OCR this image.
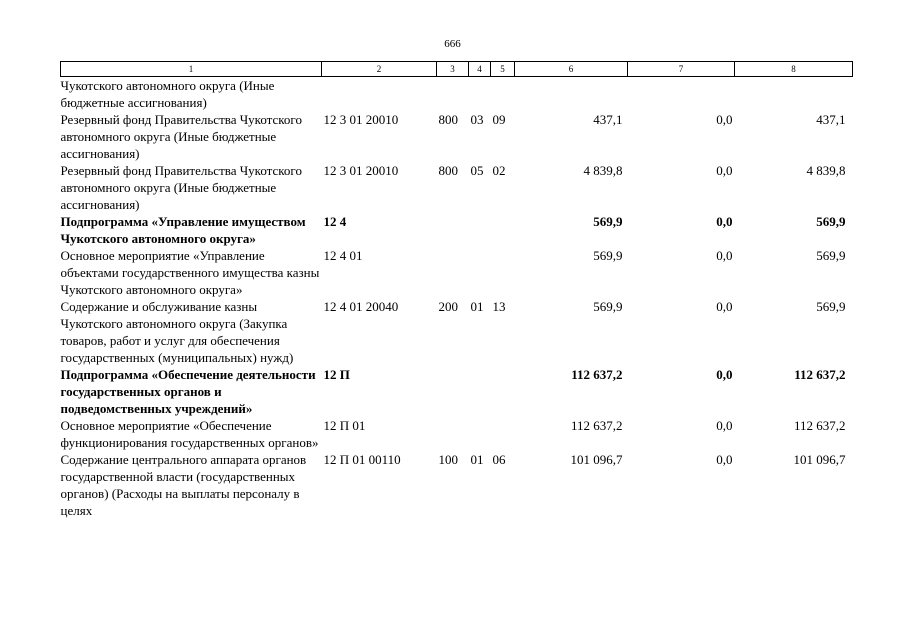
666
1	2	3	4	5	6	7	8
Чукотского автономного округа (Иные бюджетные ассигнования)							
Резервный фонд Правительства Чукотского автономного округа (Иные бюджетные ассигнования)	12 3 01 20010	800	03	09	437,1	0,0	437,1
Резервный фонд Правительства Чукотского автономного округа (Иные бюджетные ассигнования)	12 3 01 20010	800	05	02	4 839,8	0,0	4 839,8
Подпрограмма «Управление имуществом Чукотского автономного округа»	12 4				569,9	0,0	569,9
Основное мероприятие «Управление объектами государственного имущества казны Чукотского автономного округа»	12 4 01				569,9	0,0	569,9
Содержание и обслуживание казны Чукотского автономного округа (Закупка товаров, работ и услуг для обеспечения государственных (муниципальных) нужд)	12 4 01 20040	200	01	13	569,9	0,0	569,9
Подпрограмма «Обеспечение деятельности государственных органов и подведомственных учреждений»	12 П				112 637,2	0,0	112 637,2
Основное мероприятие «Обеспечение функционирования государственных органов»	12 П 01				112 637,2	0,0	112 637,2
Содержание центрального аппарата органов государственной власти (государственных органов) (Расходы на выплаты персоналу в целях	12 П 01 00110	100	01	06	101 096,7	0,0	101 096,7
